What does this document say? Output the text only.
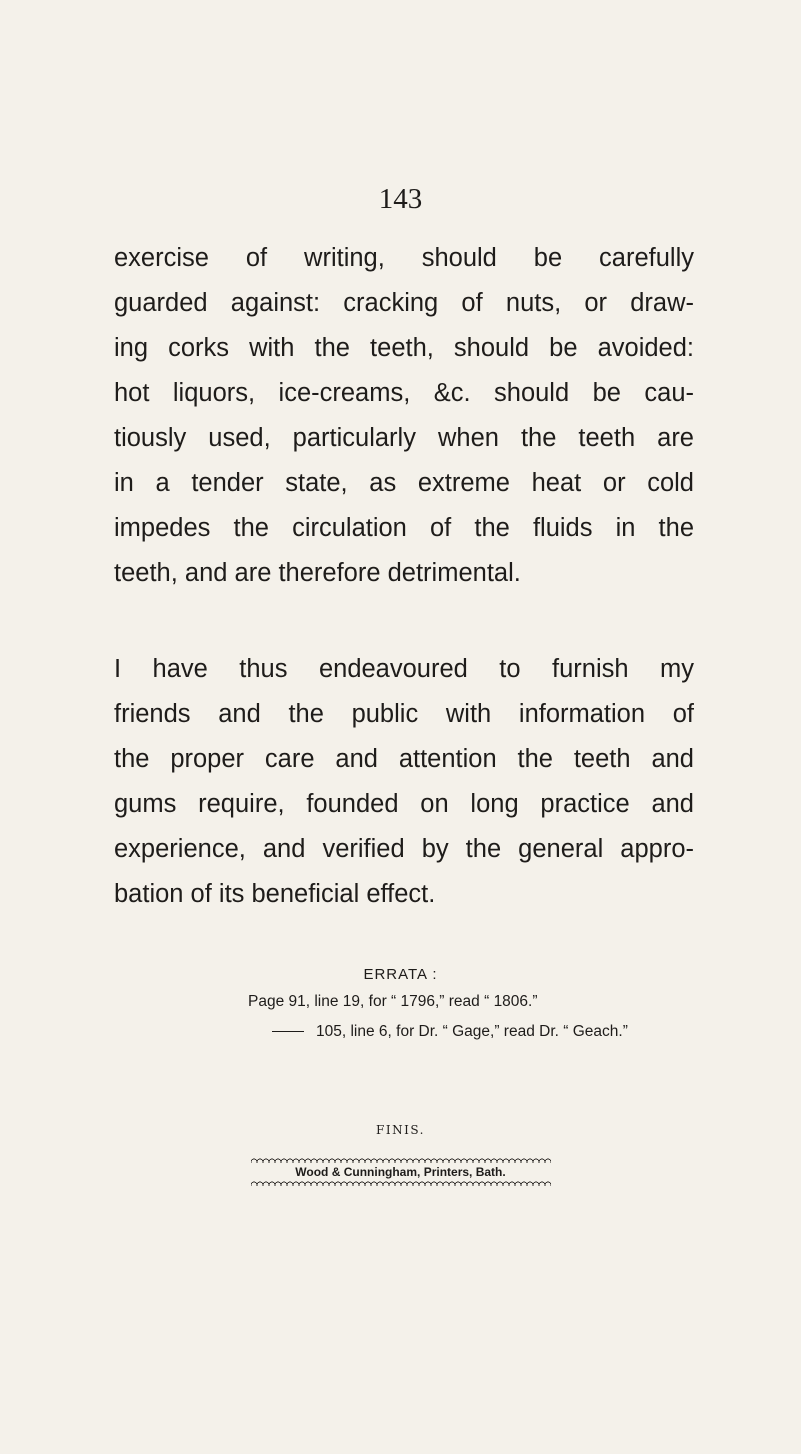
143
exercise of writing, should be carefully
guarded against: cracking of nuts, or draw-
ing corks with the teeth, should be avoided:
hot liquors, ice-creams, &c. should be cau-
tiously used, particularly when the teeth are
in a tender state, as extreme heat or cold
impedes the circulation of the fluids in the
teeth, and are therefore detrimental.
I have thus endeavoured to furnish my
friends and the public with information of
the proper care and attention the teeth and
gums require, founded on long practice and
experience, and verified by the general appro-
bation of its beneficial effect.
ERRATA :
Page 91, line 19, for “ 1796,” read “ 1806.”
105, line 6, for Dr. “ Gage,” read Dr. “ Geach.”
FINIS.
Wood & Cunningham, Printers, Bath.
